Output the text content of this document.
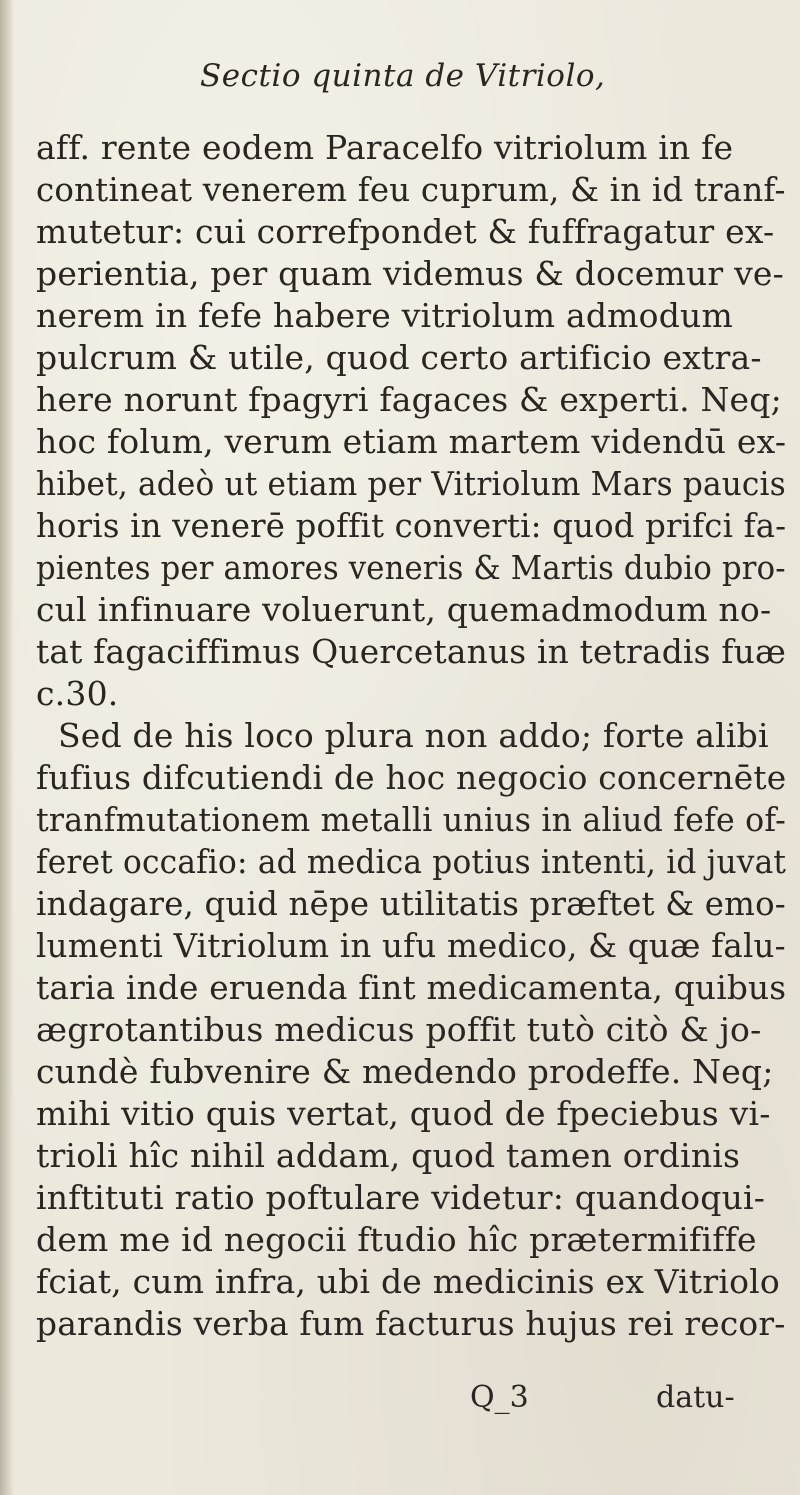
Sectio quinta de Vitriolo,
aff. rente eodem Paracelfo vitriolum in fe
contineat venerem feu cuprum, & in id tranf-
mutetur: cui correfpondet & fuffragatur ex-
perientia, per quam videmus & docemur ve-
nerem in fefe habere vitriolum admodum
pulcrum & utile, quod certo artificio extra-
here norunt fpagyri fagaces & experti. Neq;
hoc folum, verum etiam martem videndū ex-
hibet, adeò ut etiam per Vitriolum Mars paucis
horis in venerē poffit converti: quod prifci fa-
pientes per amores veneris & Martis dubio pro-
cul infinuare voluerunt, quemadmodum no-
tat fagaciffimus Quercetanus in tetradis fuæ
c.30.
Sed de his loco plura non addo; forte alibi
fufius difcutiendi de hoc negocio concernēte
tranfmutationem metalli unius in aliud fefe of-
feret occafio: ad medica potius intenti, id juvat
indagare, quid nēpe utilitatis præftet & emo-
lumenti Vitriolum in ufu medico, & quæ falu-
taria inde eruenda fint medicamenta, quibus
ægrotantibus medicus poffit tutò citò & jo-
cundè fubvenire & medendo prodeffe. Neq;
mihi vitio quis vertat, quod de fpeciebus vi-
trioli hîc nihil addam, quod tamen ordinis
inftituti ratio poftulare videtur: quandoqui-
dem me id negocii ftudio hîc prætermififfe
fciat, cum infra, ubi de medicinis ex Vitriolo
parandis verba fum facturus hujus rei recor-
Q_3	datu-
